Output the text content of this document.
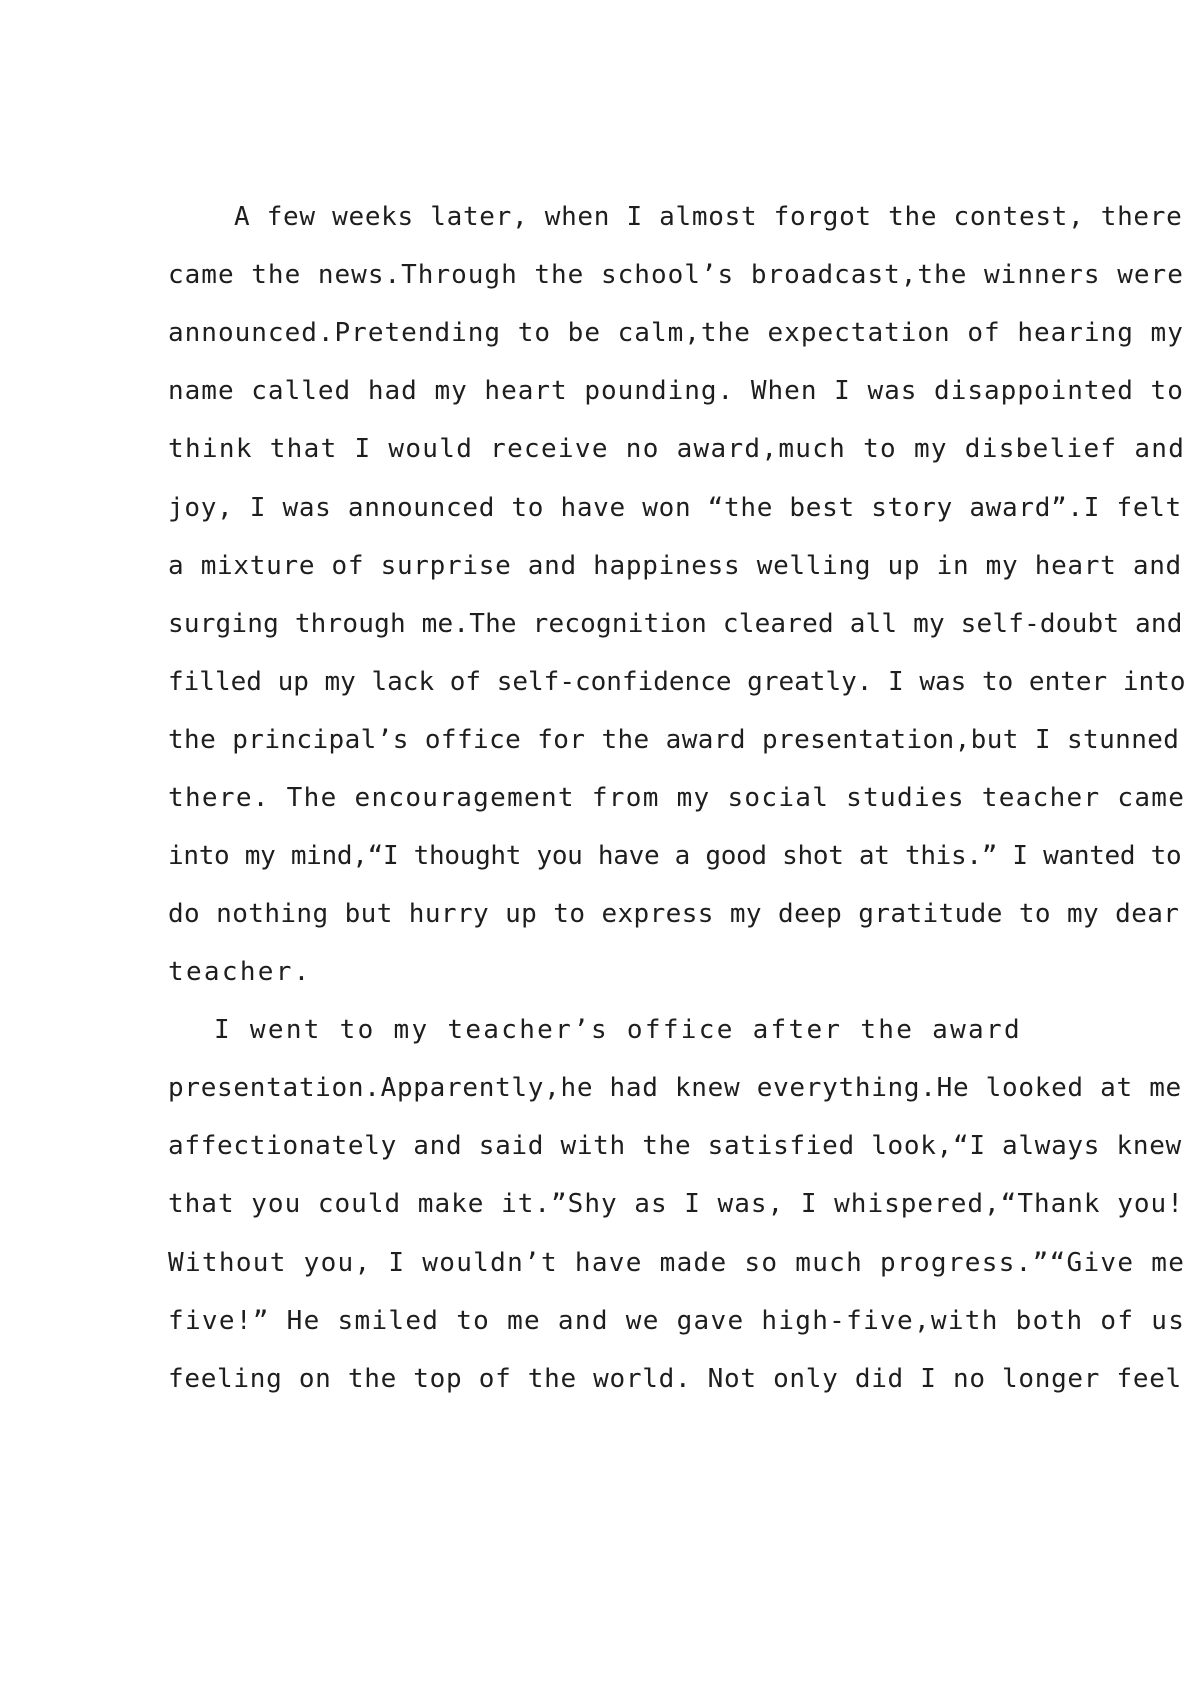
A few weeks later, when I almost forgot the contest, there
came the news.Through the school’s broadcast,the winners were
announced.Pretending to be calm,the expectation of hearing my
name called had my heart pounding. When I was disappointed to
think that I would receive no award,much to my disbelief and
joy, I was announced to have won “the best story award”.I felt
a mixture of surprise and happiness welling up in my heart and
surging through me.The recognition cleared all my self-doubt and
filled up my lack of self-confidence greatly. I was to enter into
the principal’s office for the award presentation,but I stunned
there. The encouragement from my social studies teacher came
into my mind,“I thought you have a good shot at this.” I wanted to
do nothing but hurry up to express my deep gratitude to my dear
teacher.
I went to my teacher’s office after the award
presentation.Apparently,he had knew everything.He looked at me
affectionately and said with the satisfied look,“I always knew
that you could make it.”Shy as I was, I whispered,“Thank you!
Without you, I wouldn’t have made so much progress.”“Give me
five!” He smiled to me and we gave high-five,with both of us
feeling on the top of the world. Not only did I no longer feel
